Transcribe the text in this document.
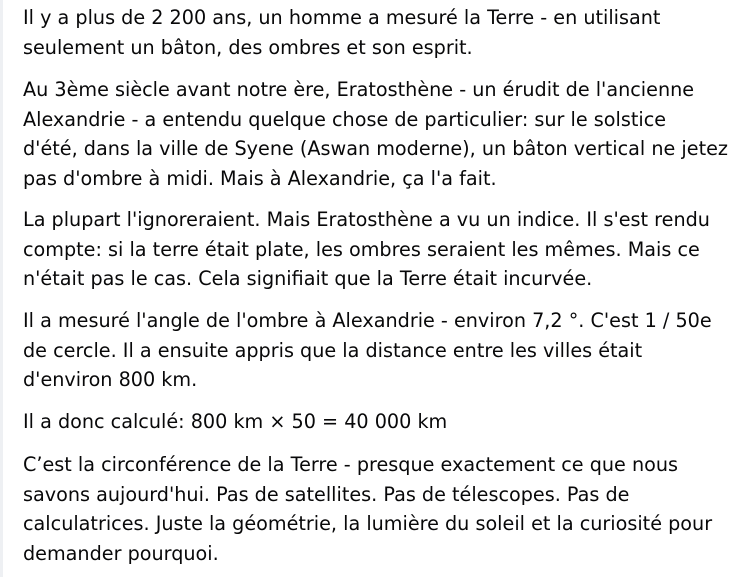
Il y a plus de 2 200 ans, un homme a mesuré la Terre - en utilisant
seulement un bâton, des ombres et son esprit.

Au 3ème siècle avant notre ère, Eratosthène - un érudit de l'ancienne
Alexandrie - a entendu quelque chose de particulier: sur le solstice
d'été, dans la ville de Syene (Aswan moderne), un bâton vertical ne jetez
pas d'ombre à midi. Mais à Alexandrie, ça l'a fait.

La plupart l'ignoreraient. Mais Eratosthène a vu un indice. Il s'est rendu
compte: si la terre était plate, les ombres seraient les mêmes. Mais ce
n'était pas le cas. Cela signifiait que la Terre était incurvée.

Il a mesuré l'angle de l'ombre à Alexandrie - environ 7,2 °. C'est 1 / 50e
de cercle. Il a ensuite appris que la distance entre les villes était
d'environ 800 km.

Il a donc calculé: 800 km × 50 = 40 000 km

C’est la circonférence de la Terre - presque exactement ce que nous
savons aujourd'hui. Pas de satellites. Pas de télescopes. Pas de
calculatrices. Juste la géométrie, la lumière du soleil et la curiosité pour
demander pourquoi.
